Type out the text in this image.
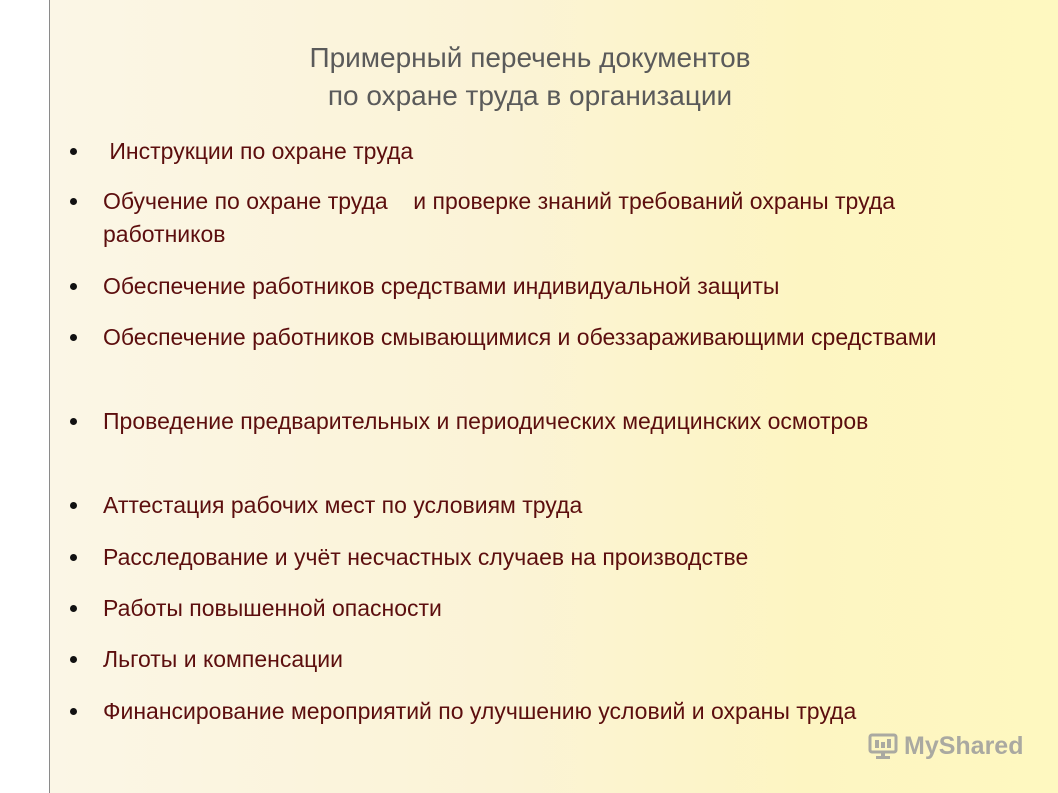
Примерный перечень документов
по охране труда в организации
Инструкции по охране труда
Обучение по охране труда    и проверке знаний требований охраны труда работников
Обеспечение работников средствами индивидуальной защиты
Обеспечение работников смывающимися и обеззараживающими средствами
Проведение предварительных и периодических медицинских осмотров
Аттестация рабочих мест по условиям труда
Расследование и учёт несчастных случаев на производстве
Работы повышенной опасности
Льготы и компенсации
Финансирование мероприятий по улучшению условий и охраны труда
MyShared
